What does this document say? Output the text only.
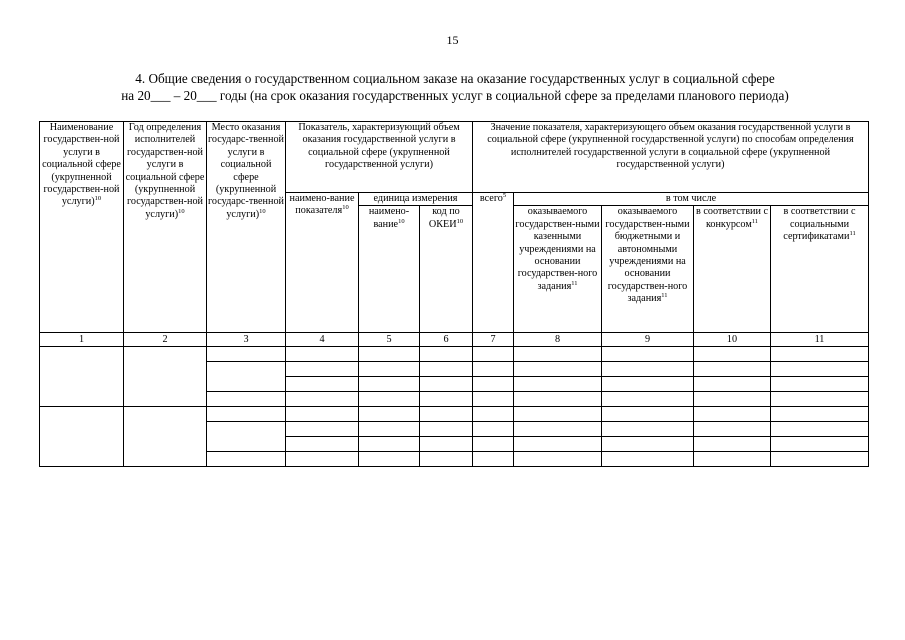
15
4. Общие сведения о государственном социальном заказе на оказание государственных услуг в социальной сфере
на 20___ – 20___ годы (на срок оказания государственных услуг в социальной сфере за пределами планового периода)
Наименование государствен-ной услуги в социальной сфере (укрупненной государствен-ной услуги)$^{10}$	Год определения исполнителей государствен-ной услуги в социальной сфере (укрупненной государствен-ной услуги)$^{10}$	Место оказания государс-твенной услуги в социальной сфере (укрупненной государс-твенной услуги)$^{10}$	Показатель, характеризующий объем оказания государственной услуги в социальной сфере (укрупненной государственной услуги)			Значение показателя, характеризующего объем оказания государственной услуги в социальной сфере (укрупненной государственной услуги) по способам определения исполнителей государственной услуги в социальной сфере (укрупненной государственной услуги)				
			наимено-вание показателя$^{10}$	единица измерения		всего$^5$	в том числе			
				наимено-вание$^{10}$	код по ОКЕИ$^{10}$		оказываемого государствен-ными казенными учреждениями на основании государствен-ного задания$^{11}$	оказываемого государствен-ными бюджетными и автономными учреждениями на основании государствен-ного задания$^{11}$	в соответствии с конкурсом$^{11}$	в соответствии с социальными сертификатами$^{11}$
1	2	3	4	5	6	7	8	9	10	11
